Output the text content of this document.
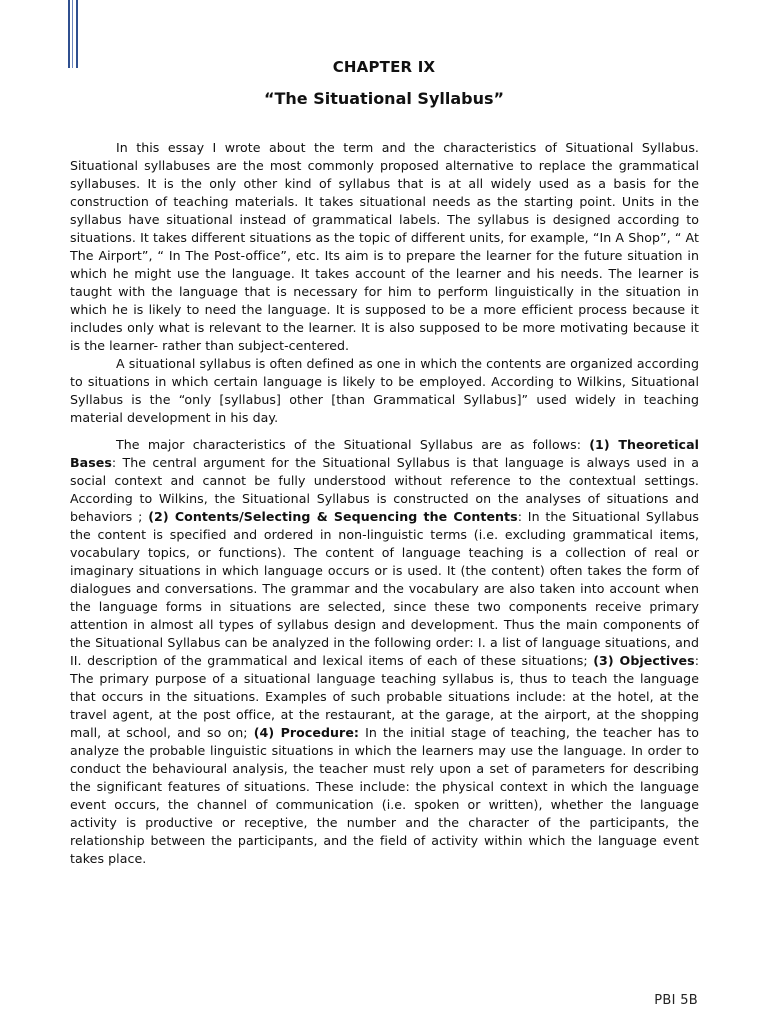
CHAPTER IX
“The Situational Syllabus”

In this essay I wrote about the term and the characteristics of Situational Syllabus. Situational syllabuses are the most commonly proposed alternative to replace the grammatical syllabuses. It is the only other kind of syllabus that is at all widely used as a basis for the construction of teaching materials. It takes situational needs as the starting point. Units in the syllabus have situational instead of grammatical labels. The syllabus is designed according to situations. It takes different situations as the topic of different units, for example, “In A Shop”, “ At The Airport”, “ In The Post-office”, etc. Its aim is to prepare the learner for the future situation in which he might use the language. It takes account of the learner and his needs. The learner is taught with the language that is necessary for him to perform linguistically in the situation in which he is likely to need the language. It is supposed to be a more efficient process because it includes only what is relevant to the learner. It is also supposed to be more motivating because it is the learner- rather than subject-centered.

A situational syllabus is often defined as one in which the contents are organized according to situations in which certain language is likely to be employed. According to Wilkins, Situational Syllabus is the “only [syllabus] other [than Grammatical Syllabus]” used widely in teaching material development in his day.

The major characteristics of the Situational Syllabus are as follows: (1) Theoretical Bases: The central argument for the Situational Syllabus is that language is always used in a social context and cannot be fully understood without reference to the contextual settings. According to Wilkins, the Situational Syllabus is constructed on the analyses of situations and behaviors ; (2) Contents/Selecting & Sequencing the Contents: In the Situational Syllabus the content is specified and ordered in non-linguistic terms (i.e. excluding grammatical items, vocabulary topics, or functions). The content of language teaching is a collection of real or imaginary situations in which language occurs or is used. It (the content) often takes the form of dialogues and conversations. The grammar and the vocabulary are also taken into account when the language forms in situations are selected, since these two components receive primary attention in almost all types of syllabus design and development. Thus the main components of the Situational Syllabus can be analyzed in the following order: I. a list of language situations, and II. description of the grammatical and lexical items of each of these situations; (3) Objectives: The primary purpose of a situational language teaching syllabus is, thus to teach the language that occurs in the situations. Examples of such probable situations include: at the hotel, at the travel agent, at the post office, at the restaurant, at the garage, at the airport, at the shopping mall, at school, and so on; (4) Procedure: In the initial stage of teaching, the teacher has to analyze the probable linguistic situations in which the learners may use the language. In order to conduct the behavioural analysis, the teacher must rely upon a set of parameters for describing the significant features of situations. These include: the physical context in which the language event occurs, the channel of communication (i.e. spoken or written), whether the language activity is productive or receptive, the number and the character of the participants, the relationship between the participants, and the field of activity within which the language event takes place.

PBI 5B
